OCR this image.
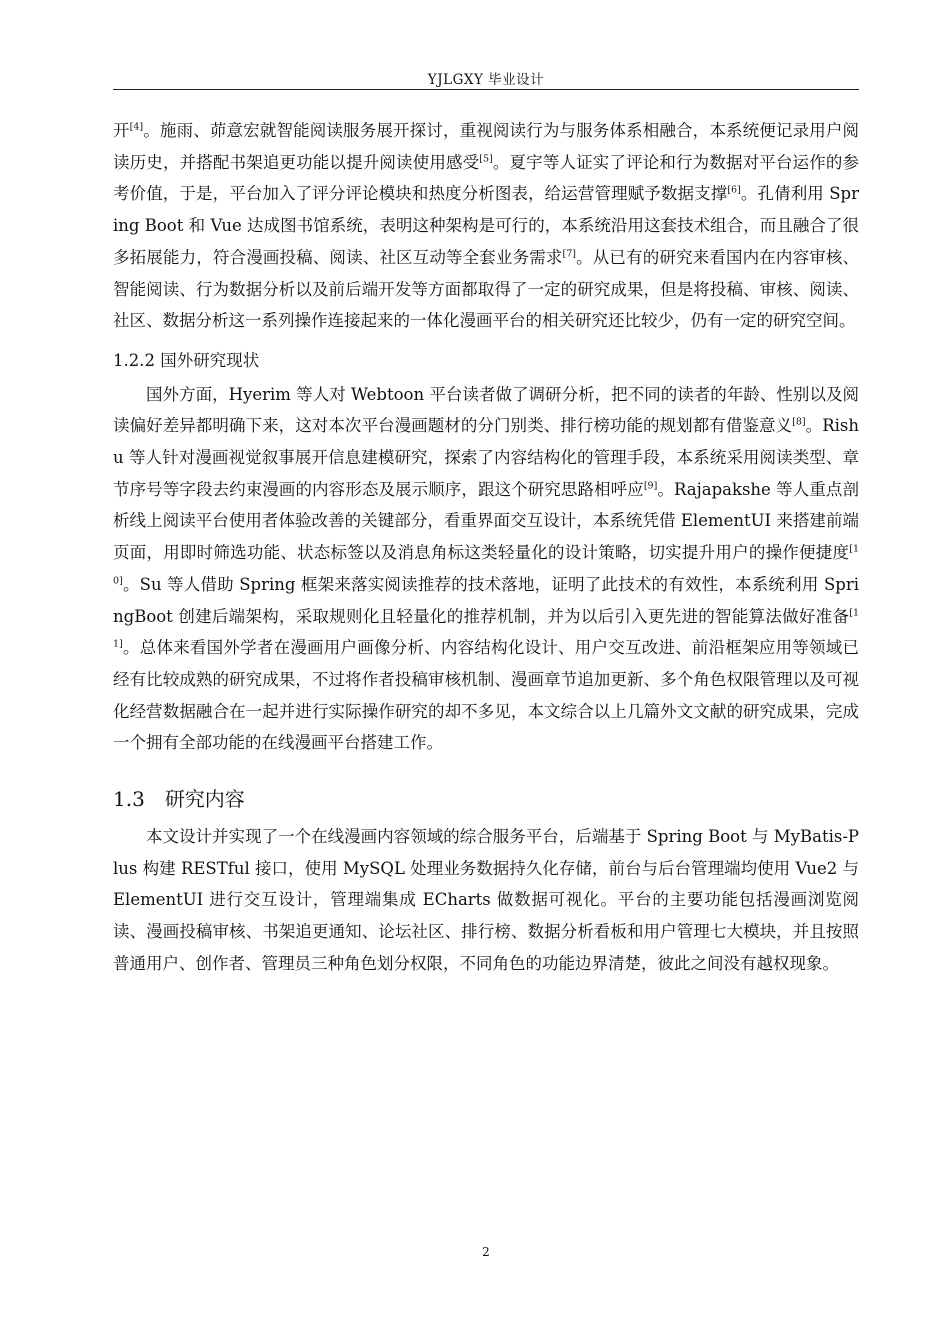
YJLGXY 毕业设计

开[4]。施雨、茆意宏就智能阅读服务展开探讨，重视阅读行为与服务体系相融合，本系统便记录用户阅读历史，并搭配书架追更功能以提升阅读使用感受[5]。夏宇等人证实了评论和行为数据对平台运作的参考价值，于是，平台加入了评分评论模块和热度分析图表，给运营管理赋予数据支撑[6]。孔倩利用 Spring Boot 和 Vue 达成图书馆系统，表明这种架构是可行的，本系统沿用这套技术组合，而且融合了很多拓展能力，符合漫画投稿、阅读、社区互动等全套业务需求[7]。从已有的研究来看国内在内容审核、智能阅读、行为数据分析以及前后端开发等方面都取得了一定的研究成果，但是将投稿、审核、阅读、社区、数据分析这一系列操作连接起来的一体化漫画平台的相关研究还比较少，仍有一定的研究空间。

1.2.2 国外研究现状

国外方面，Hyerim 等人对 Webtoon 平台读者做了调研分析，把不同的读者的年龄、性别以及阅读偏好差异都明确下来，这对本次平台漫画题材的分门别类、排行榜功能的规划都有借鉴意义[8]。Rishu 等人针对漫画视觉叙事展开信息建模研究，探索了内容结构化的管理手段，本系统采用阅读类型、章节序号等字段去约束漫画的内容形态及展示顺序，跟这个研究思路相呼应[9]。Rajapakshe 等人重点剖析线上阅读平台使用者体验改善的关键部分，看重界面交互设计，本系统凭借 ElementUI 来搭建前端页面，用即时筛选功能、状态标签以及消息角标这类轻量化的设计策略，切实提升用户的操作便捷度[10]。Su 等人借助 Spring 框架来落实阅读推荐的技术落地，证明了此技术的有效性，本系统利用 SpringBoot 创建后端架构，采取规则化且轻量化的推荐机制，并为以后引入更先进的智能算法做好准备[11]。总体来看国外学者在漫画用户画像分析、内容结构化设计、用户交互改进、前沿框架应用等领域已经有比较成熟的研究成果，不过将作者投稿审核机制、漫画章节追加更新、多个角色权限管理以及可视化经营数据融合在一起并进行实际操作研究的却不多见，本文综合以上几篇外文文献的研究成果，完成一个拥有全部功能的在线漫画平台搭建工作。

1.3 研究内容

本文设计并实现了一个在线漫画内容领域的综合服务平台，后端基于 Spring Boot 与 MyBatis-Plus 构建 RESTful 接口，使用 MySQL 处理业务数据持久化存储，前台与后台管理端均使用 Vue2 与 ElementUI 进行交互设计，管理端集成 ECharts 做数据可视化。平台的主要功能包括漫画浏览阅读、漫画投稿审核、书架追更通知、论坛社区、排行榜、数据分析看板和用户管理七大模块，并且按照普通用户、创作者、管理员三种角色划分权限，不同角色的功能边界清楚，彼此之间没有越权现象。

2
